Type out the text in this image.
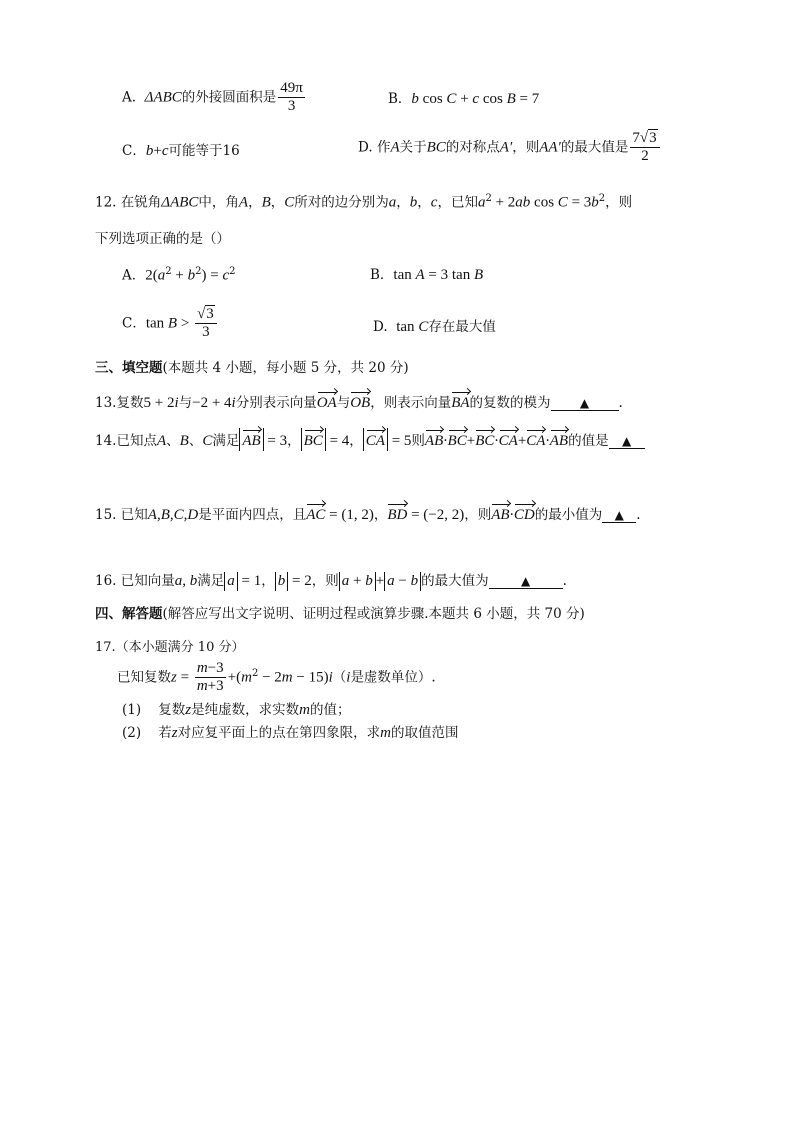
A. ΔABC的外接圆面积是 $\frac{49\pi}{3}$	B．b cos C + c cos B = 7
C．b+c可能等于16	D. 作A关于BC的对称点A′，则AA′的最大值是 $\frac{7√3}{2}$
12. 在锐角ΔABC中，角A，B，C所对的边分别为a，b，c，已知$a^2 + 2ab$ $\cos C = 3b^2$，则
下列选项正确的是（）
A．$2(a^2 + b^2) = c^2$	B．tan A = 3 tan B
C．$\tan B > \frac{√3}{3}$	D. tan C存在最大值
三、填空题(本题共 4 小题，每小题 5 分，共 20 分)
13.复数5 + 2i与−2 + 4i分别表示向量OA与OB，则表示向量BA的复数的模为 ▲ .
14.已知点A、B、C满足 AB = 3， BC = 4， CA = 5则AB·BC+BC·CA+CA·AB的值是 ▲
15. 已知A,B,C,D是平面内四点，且AC = (1, 2)，BD = (−2, 2)，则AB·CD的最小值为 ▲ .
16. 已知向量a, b满足 a = 1， b = 2，则 a + b + a − b 的最大值为	▲ .
四、解答题(解答应写出文字说明、证明过程或演算步骤.本题共 6 小题，共 70 分)
17.（本小题满分 10 分）
已知复数$z = \frac{m-3}{m+3} +(m^2 - 2m - 15)i(i$是虚数单位）.
(1) 复数z是纯虚数，求实数m的值；
(2) 若z对应复平面上的点在第四象限，求m的取值范围
